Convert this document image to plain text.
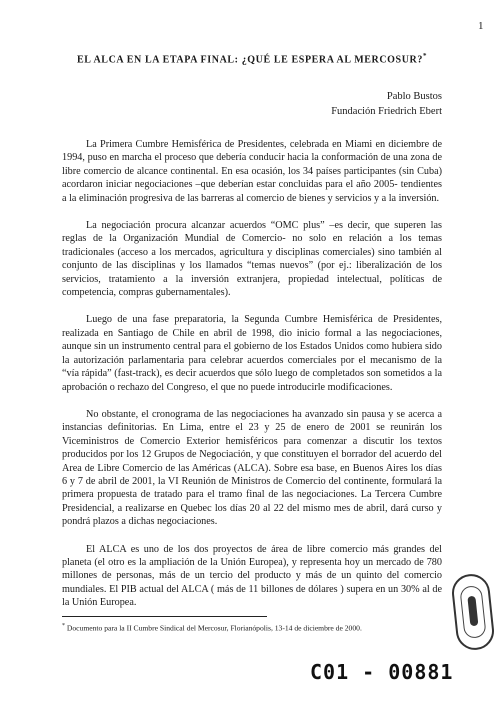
1
EL ALCA EN LA ETAPA FINAL: ¿QUÉ LE ESPERA AL MERCOSUR?*
Pablo Bustos
Fundación Friedrich Ebert

La Primera Cumbre Hemisférica de Presidentes, celebrada en Miami en diciembre de 1994, puso en marcha el proceso que debería conducir hacia la conformación de una zona de libre comercio de alcance continental. En esa ocasión, los 34 países participantes (sin Cuba) acordaron iniciar negociaciones –que deberían estar concluidas para el año 2005- tendientes a la eliminación progresiva de las barreras al comercio de bienes y servicios y a la inversión.

La negociación procura alcanzar acuerdos “OMC plus” –es decir, que superen las reglas de la Organización Mundial de Comercio- no solo en relación a los temas tradicionales (acceso a los mercados, agricultura y disciplinas comerciales) sino también al conjunto de las disciplinas y los llamados “temas nuevos” (por ej.: liberalización de los servicios, tratamiento a la inversión extranjera, propiedad intelectual, políticas de competencia, compras gubernamentales).

Luego de una fase preparatoria, la Segunda Cumbre Hemisférica de Presidentes, realizada en Santiago de Chile en abril de 1998, dio inicio formal a las negociaciones, aunque sin un instrumento central para el gobierno de los Estados Unidos como hubiera sido la autorización parlamentaria para celebrar acuerdos comerciales por el mecanismo de la “vía rápida” (fast-track), es decir acuerdos que sólo luego de completados son sometidos a la aprobación o rechazo del Congreso, el que no puede introducirle modificaciones.

No obstante, el cronograma de las negociaciones ha avanzado sin pausa y se acerca a instancias definitorias. En Lima, entre el 23 y 25 de enero de 2001 se reunirán los Viceministros de Comercio Exterior hemisféricos para comenzar a discutir los textos producidos por los 12 Grupos de Negociación, y que constituyen el borrador del acuerdo del Area de Libre Comercio de las Américas (ALCA). Sobre esa base, en Buenos Aires los días 6 y 7 de abril de 2001, la VI Reunión de Ministros de Comercio del continente, formulará la primera propuesta de tratado para el tramo final de las negociaciones. La Tercera Cumbre Presidencial, a realizarse en Quebec los días 20 al 22 del mismo mes de abril, dará curso y pondrá plazos a dichas negociaciones.

El ALCA es uno de los dos proyectos de área de libre comercio más grandes del planeta (el otro es la ampliación de la Unión Europea), y representa hoy un mercado de 780 millones de personas, más de un tercio del producto y más de un quinto del comercio mundiales. El PIB actual del ALCA ( más de 11 billones de dólares ) supera en un 30% al de la Unión Europea.

* Documento para la II Cumbre Sindical del Mercosur, Florianópolis, 13-14 de diciembre de 2000.
C01 - 00881
